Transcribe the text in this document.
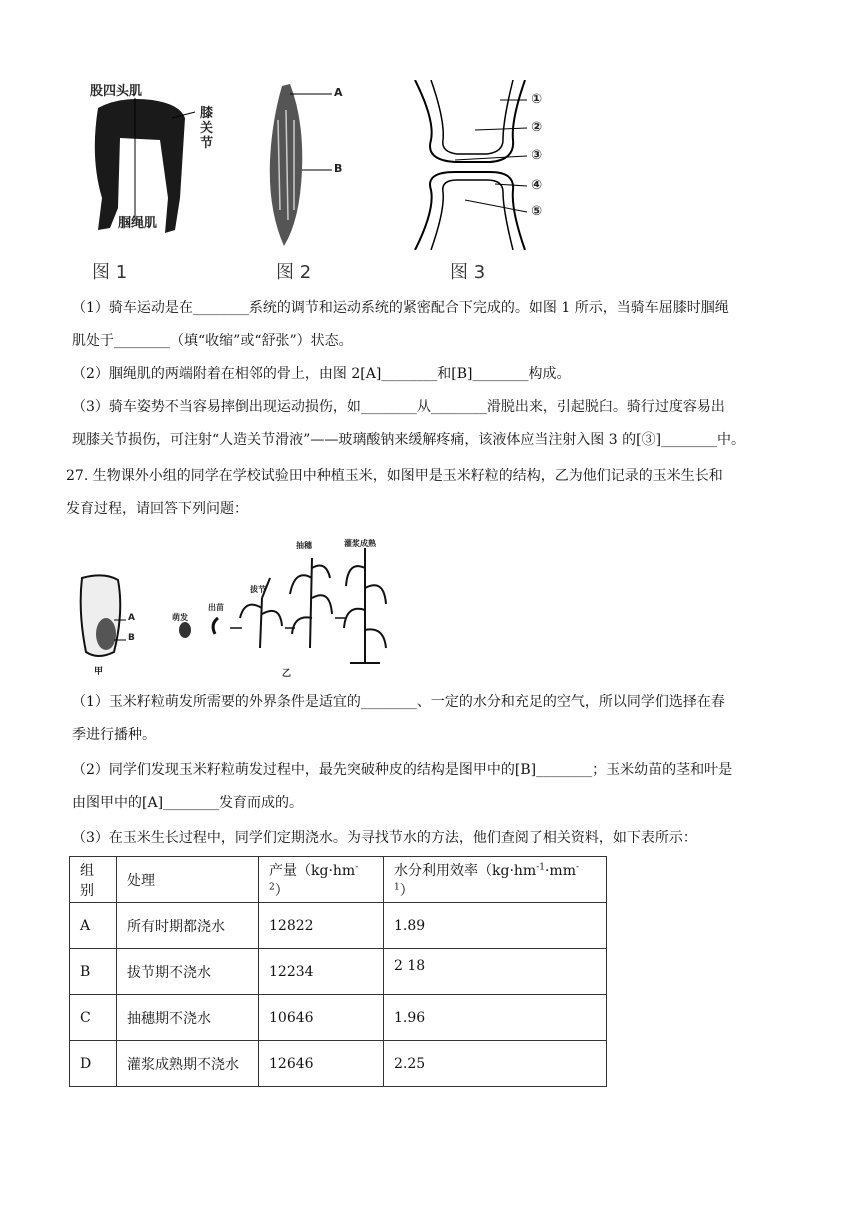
股四头肌
膝关节
腘绳肌
图 1
A
B
图 2
①
②
③
④
⑤
图 3
（1）骑车运动是在________系统的调节和运动系统的紧密配合下完成的。如图 1 所示，当骑车屈膝时腘绳
肌处于________（填“收缩”或“舒张”）状态。
（2）腘绳肌的两端附着在相邻的骨上，由图 2[A]________和[B]________构成。
（3）骑车姿势不当容易摔倒出现运动损伤，如________从________滑脱出来，引起脱臼。骑行过度容易出
现膝关节损伤，可注射“人造关节滑液”——玻璃酸钠来缓解疼痛，该液体应当注射入图 3 的[③]________中。
27. 生物课外小组的同学在学校试验田中种植玉米，如图甲是玉米籽粒的结构，乙为他们记录的玉米生长和
发育过程，请回答下列问题：
A
B
甲
萌发
出苗
拔节
抽穗	灌浆成熟
乙
（1）玉米籽粒萌发所需要的外界条件是适宜的________、一定的水分和充足的空气，所以同学们选择在春
季进行播种。
（2）同学们发现玉米籽粒萌发过程中，最先突破种皮的结构是图甲中的[B]________；玉米幼苗的茎和叶是
由图甲中的[A]________发育而成的。
（3）在玉米生长过程中，同学们定期浇水。为寻找节水的方法，他们查阅了相关资料，如下表所示：
组别	处理	产量$(kg\cdot hm^{-2})$	水分利用效率$(kg\cdot hm^{-1}\cdot mm^{-1})$
A	所有时期都浇水	12822	1.89
B	拔节期不浇水	12234	2 18
C	抽穗期不浇水	10646	1.96
D	灌浆成熟期不浇水	12646	2.25
